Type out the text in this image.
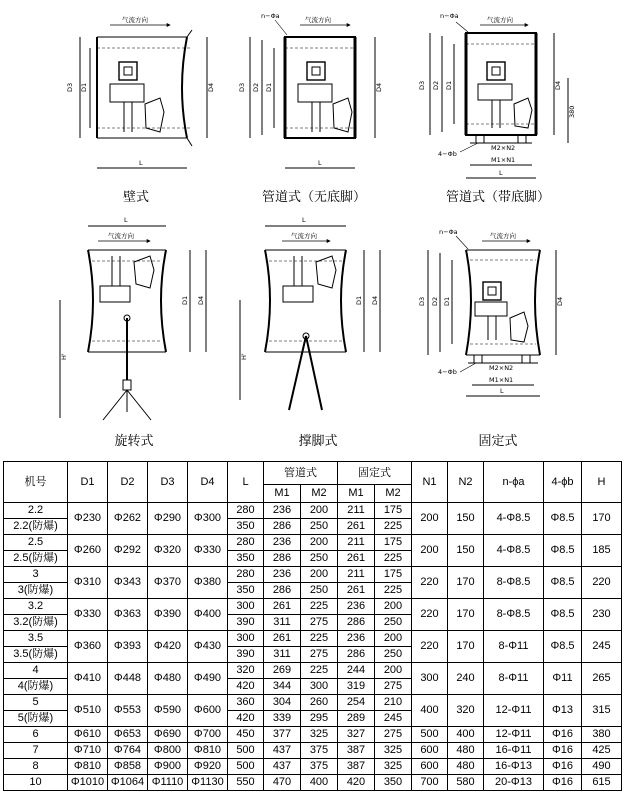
气流方向
D3 D1	D4
L
气流方向
n−Φa
D3 D2 D1	D4
L
气流方向
n−Φa
D3 D2 D1	D4
380
M2×N2
M1×N1
4−Φb
L
L
气流方向
H'
D1 D4
L
气流方向
H'
D1 D4
气流方向
n−Φa
D3 D2 D1	D4
M2×N2
M1×N1
4−Φb
L
壁式	管道式（无底脚）	管道式（带底脚）
旋转式	撑脚式	固定式
机号	D1	D2	D3	D4	L	管道式		固定式		N1	N2	n-ϕa	4-ϕb	H
						M1	M2	M1	M2					
2.2	Φ230	Φ262	Φ290	Φ300	280	236	200	211	175	200	150	4-Φ8.5	Φ8.5	170
2.2(防爆)					350	286	250	261	225					
2.5	Φ260	Φ292	Φ320	Φ330	280	236	200	211	175	200	150	4-Φ8.5	Φ8.5	185
2.5(防爆)					350	286	250	261	225					
3	Φ310	Φ343	Φ370	Φ380	280	236	200	211	175	220	170	8-Φ8.5	Φ8.5	220
3(防爆)					350	286	250	261	225					
3.2	Φ330	Φ363	Φ390	Φ400	300	261	225	236	200	220	170	8-Φ8.5	Φ8.5	230
3.2(防爆)					390	311	275	286	250					
3.5	Φ360	Φ393	Φ420	Φ430	300	261	225	236	200	220	170	8-Φ11	Φ8.5	245
3.5(防爆)					390	311	275	286	250					
4	Φ410	Φ448	Φ480	Φ490	320	269	225	244	200	300	240	8-Φ11	Φ11	265
4(防爆)					420	344	300	319	275					
5	Φ510	Φ553	Φ590	Φ600	360	304	260	254	210	400	320	12-Φ11	Φ13	315
5(防爆)					420	339	295	289	245					
6	Φ610	Φ653	Φ690	Φ700	450	377	325	327	275	500	400	12-Φ11	Φ16	380
7	Φ710	Φ764	Φ800	Φ810	500	437	375	387	325	600	480	16-Φ11	Φ16	425
8	Φ810	Φ858	Φ900	Φ920	500	437	375	387	325	600	480	16-Φ13	Φ16	490
10	Φ1010	Φ1064	Φ1110	Φ1130	550	470	400	420	350	700	580	20-Φ13	Φ16	615
